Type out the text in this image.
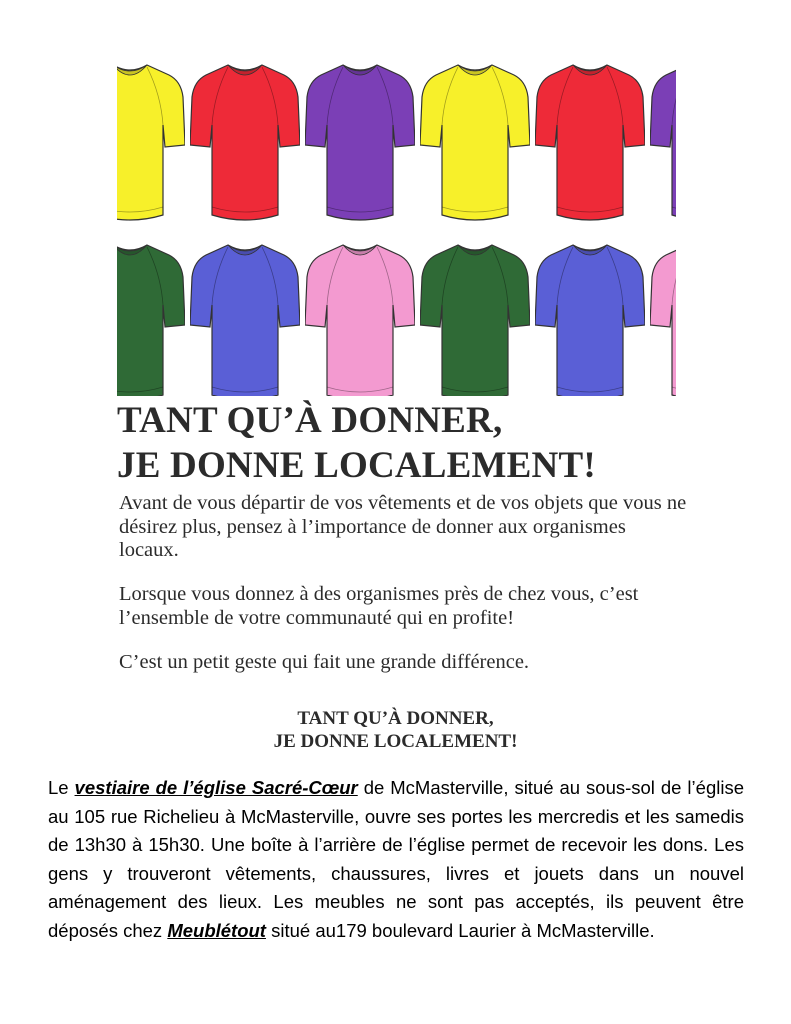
TANT QU’À DONNER,
JE DONNE LOCALEMENT!

Avant de vous départir de vos vêtements et de vos objets que vous ne désirez plus, pensez à l’importance de donner aux organismes locaux.

Lorsque vous donnez à des organismes près de chez vous, c’est l’ensemble de votre communauté qui en profite!

C’est un petit geste qui fait une grande différence.

TANT QU’À DONNER,
JE DONNE LOCALEMENT!

Le vestiaire de l’église Sacré-Cœur de McMasterville, situé au sous-sol de l’église au 105 rue Richelieu à McMasterville, ouvre ses portes les mercredis et les samedis de 13h30 à 15h30. Une boîte à l’arrière de l’église permet de recevoir les dons. Les gens y trouveront vêtements, chaussures, livres et jouets dans un nouvel aménagement des lieux. Les meubles ne sont pas acceptés, ils peuvent être déposés chez Meublétout situé au179 boulevard Laurier à McMasterville.
